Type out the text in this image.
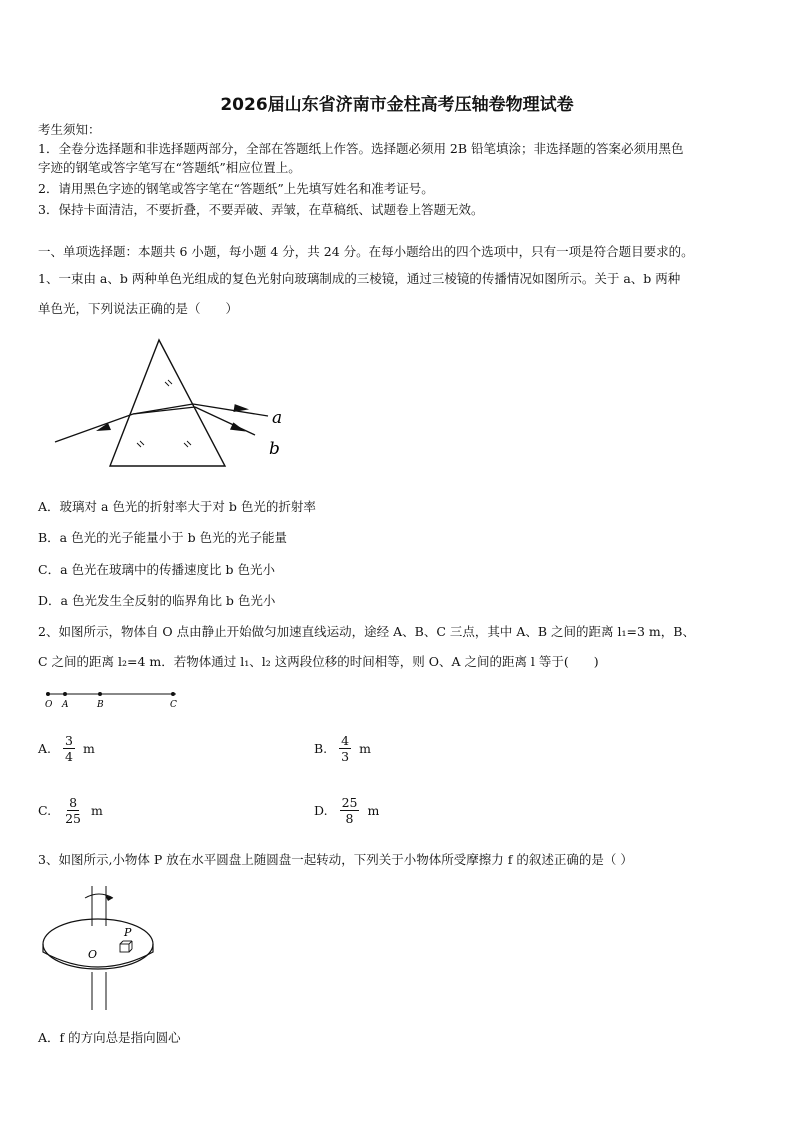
2026届山东省济南市金柱高考压轴卷物理试卷
考生须知：
1．全卷分选择题和非选择题两部分，全部在答题纸上作答。选择题必须用 2B 铅笔填涂；非选择题的答案必须用黑色
字迹的钢笔或答字笔写在“答题纸”相应位置上。
2．请用黑色字迹的钢笔或答字笔在“答题纸”上先填写姓名和准考证号。
3．保持卡面清洁，不要折叠，不要弄破、弄皱，在草稿纸、试题卷上答题无效。
一、单项选择题：本题共 6 小题，每小题 4 分，共 24 分。在每小题给出的四个选项中，只有一项是符合题目要求的。
1、一束由 a、b 两种单色光组成的复色光射向玻璃制成的三棱镜，通过三棱镜的传播情况如图所示。关于 a、b 两种
单色光，下列说法正确的是（　　）
a
b
A．玻璃对 a 色光的折射率大于对 b 色光的折射率
B．a 色光的光子能量小于 b 色光的光子能量
C．a 色光在玻璃中的传播速度比 b 色光小
D．a 色光发生全反射的临界角比 b 色光小
2、如图所示，物体自 O 点由静止开始做匀加速直线运动，途经 A、B、C 三点，其中 A、B 之间的距离 l₁=3 m，B、
C 之间的距离 l₂=4 m．若物体通过 l₁、l₂ 这两段位移的时间相等，则 O、A 之间的距离 l 等于(　　)
O A	B	C
A. $\frac{3}{4}$ m	B. $\frac{4}{3}$ m
C. $\frac{8}{25}$ m	D. $\frac{25}{8}$ m
3、如图所示,小物体 P 放在水平圆盘上随圆盘一起转动，下列关于小物体所受摩擦力 f 的叙述正确的是（ ）
P
O
A．f 的方向总是指向圆心
